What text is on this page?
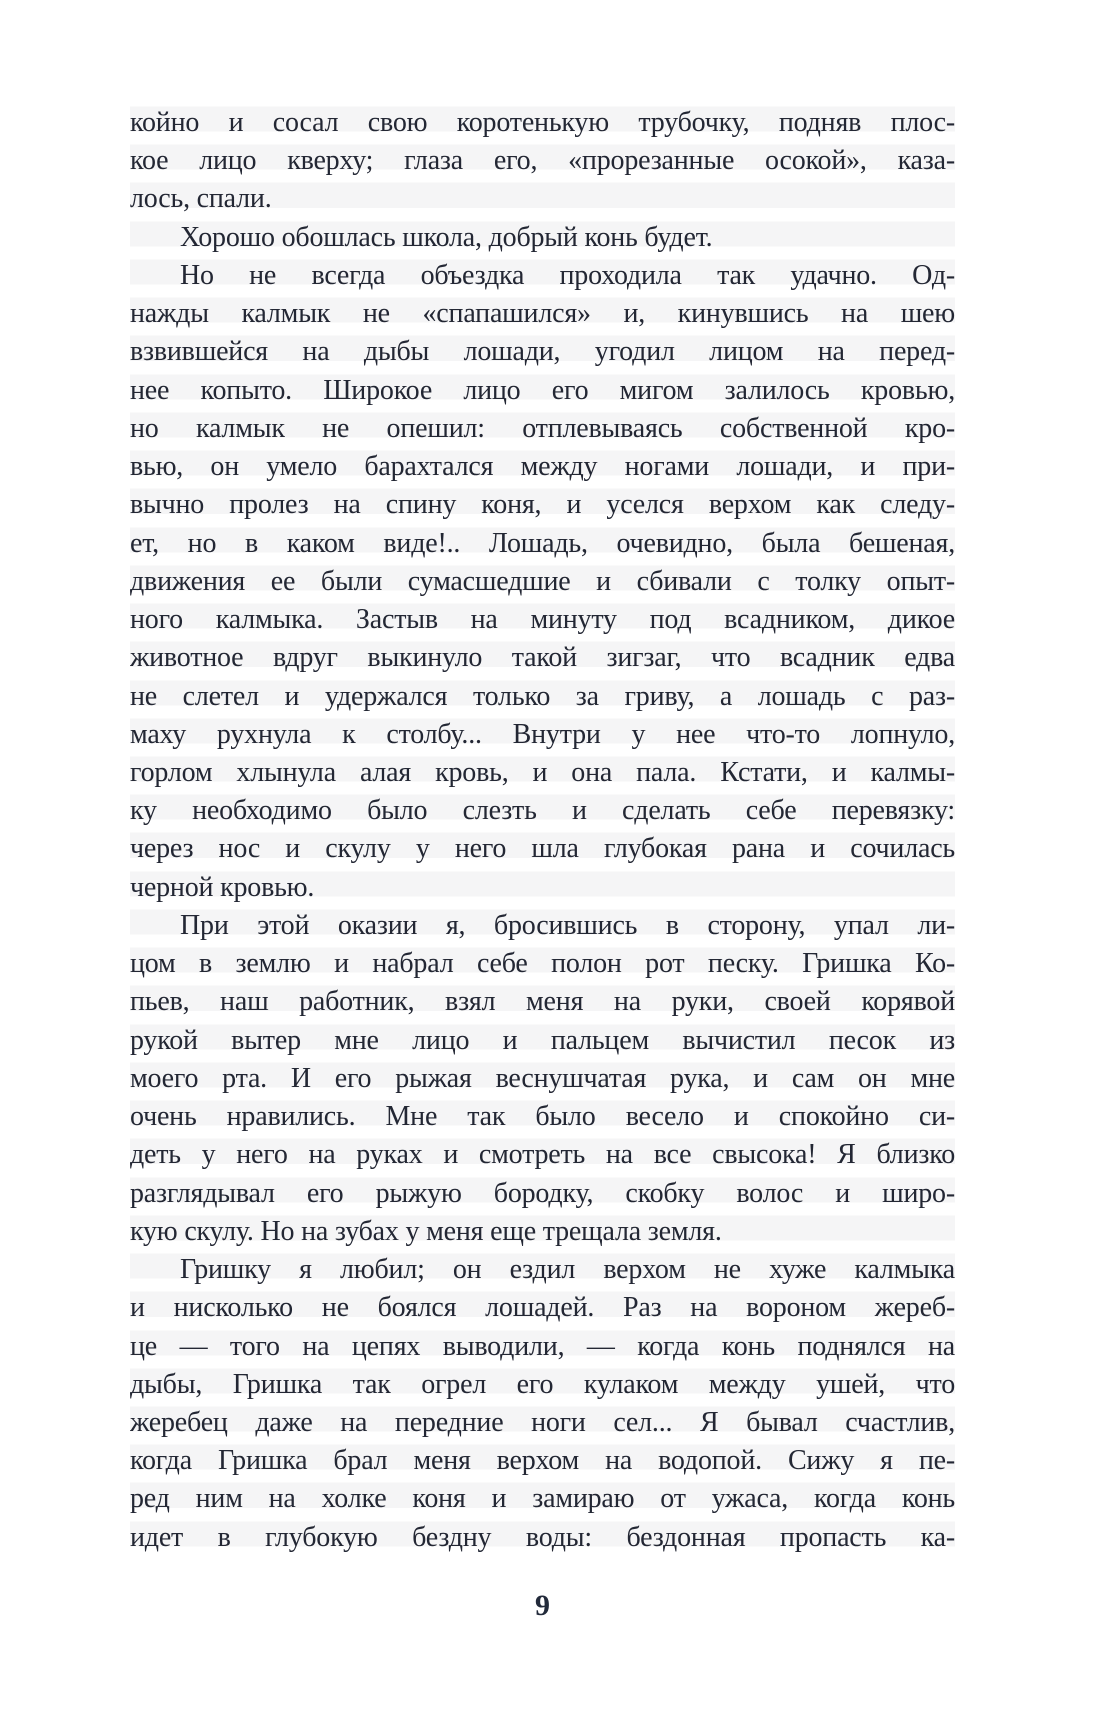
койно и сосал свою коротенькую трубочку, подняв плос-
кое лицо кверху; глаза его, «прорезанные осокой», каза-
лось, спали.
Хорошо обошлась школа, добрый конь будет.
Но не всегда объездка проходила так удачно. Од-
нажды калмык не «спапашился» и, кинувшись на шею
взвившейся на дыбы лошади, угодил лицом на перед-
нее копыто. Широкое лицо его мигом залилось кровью,
но калмык не опешил: отплевываясь собственной кро-
вью, он умело барахтался между ногами лошади, и при-
вычно пролез на спину коня, и уселся верхом как следу-
ет, но в каком виде!.. Лошадь, очевидно, была бешеная,
движения ее были сумасшедшие и сбивали с толку опыт-
ного калмыка. Застыв на минуту под всадником, дикое
животное вдруг выкинуло такой зигзаг, что всадник едва
не слетел и удержался только за гриву, а лошадь с раз-
маху рухнула к столбу... Внутри у нее что-то лопнуло,
горлом хлынула алая кровь, и она пала. Кстати, и калмы-
ку необходимо было слезть и сделать себе перевязку:
через нос и скулу у него шла глубокая рана и сочилась
черной кровью.
При этой оказии я, бросившись в сторону, упал ли-
цом в землю и набрал себе полон рот песку. Гришка Ко-
пьев, наш работник, взял меня на руки, своей корявой
рукой вытер мне лицо и пальцем вычистил песок из
моего рта. И его рыжая веснушчатая рука, и сам он мне
очень нравились. Мне так было весело и спокойно си-
деть у него на руках и смотреть на все свысока! Я близко
разглядывал его рыжую бородку, скобку волос и широ-
кую скулу. Но на зубах у меня еще трещала земля.
Гришку я любил; он ездил верхом не хуже калмыка
и нисколько не боялся лошадей. Раз на вороном жереб-
це — того на цепях выводили, — когда конь поднялся на
дыбы, Гришка так огрел его кулаком между ушей, что
жеребец даже на передние ноги сел... Я бывал счастлив,
когда Гришка брал меня верхом на водопой. Сижу я пе-
ред ним на холке коня и замираю от ужаса, когда конь
идет в глубокую бездну воды: бездонная пропасть ка-
9
